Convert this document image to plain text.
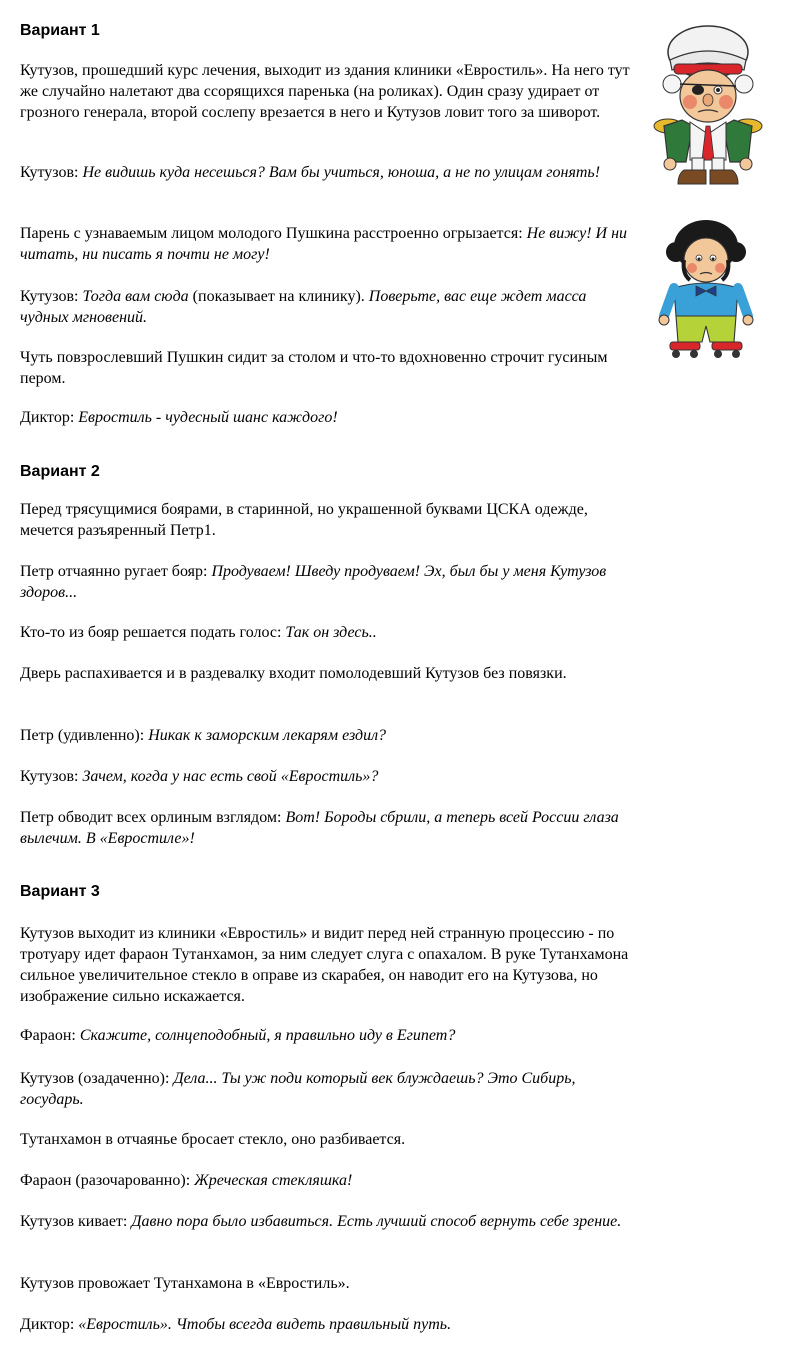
Вариант 1

Кутузов, прошедший курс лечения, выходит из здания клиники «Евростиль». На него тут же случайно налетают два ссорящихся паренька (на роликах). Один сразу удирает от грозного генерала, второй сослепу врезается в него и Кутузов ловит того за шиворот.

Кутузов: Не видишь куда несешься? Вам бы учиться, юноша, а не по улицам гонять!

Парень с узнаваемым лицом молодого Пушкина расстроенно огрызается: Не вижу! И ни читать, ни писать я почти не могу!

Кутузов: Тогда вам сюда (показывает на клинику). Поверьте, вас еще ждет масса чудных мгновений.

Чуть повзрослевший Пушкин сидит за столом и что-то вдохновенно строчит гусиным пером.

Диктор: Евростиль - чудесный шанс каждого!

Вариант 2

Перед трясущимися боярами, в старинной, но украшенной буквами ЦСКА одежде, мечется разъяренный Петр1.

Петр отчаянно ругает бояр: Продуваем! Шведу продуваем! Эх, был бы у меня Кутузов здоров...

Кто-то из бояр решается подать голос: Так он здесь..

Дверь распахивается и в раздевалку входит помолодевший Кутузов без повязки.

Петр (удивленно): Никак к заморским лекарям ездил?

Кутузов: Зачем, когда у нас есть свой «Евростиль»?

Петр обводит всех орлиным взглядом: Вот! Бороды сбрили, а теперь всей России глаза вылечим. В «Евростиле»!

Вариант 3

Кутузов выходит из клиники «Евростиль» и видит перед ней странную процессию - по тротуару идет фараон Тутанхамон, за ним следует слуга с опахалом. В руке Тутанхамона сильное увеличительное стекло в оправе из скарабея, он наводит его на Кутузова, но изображение сильно искажается.

Фараон: Скажите, солнцеподобный, я правильно иду в Египет?

Кутузов (озадаченно): Дела... Ты уж поди который век блуждаешь? Это Сибирь, государь.

Тутанхамон в отчаянье бросает стекло, оно разбивается.

Фараон (разочарованно): Жреческая стекляшка!

Кутузов кивает: Давно пора было избавиться. Есть лучший способ вернуть себе зрение.

Кутузов провожает Тутанхамона в «Евростиль».

Диктор: «Евростиль». Чтобы всегда видеть правильный путь.
